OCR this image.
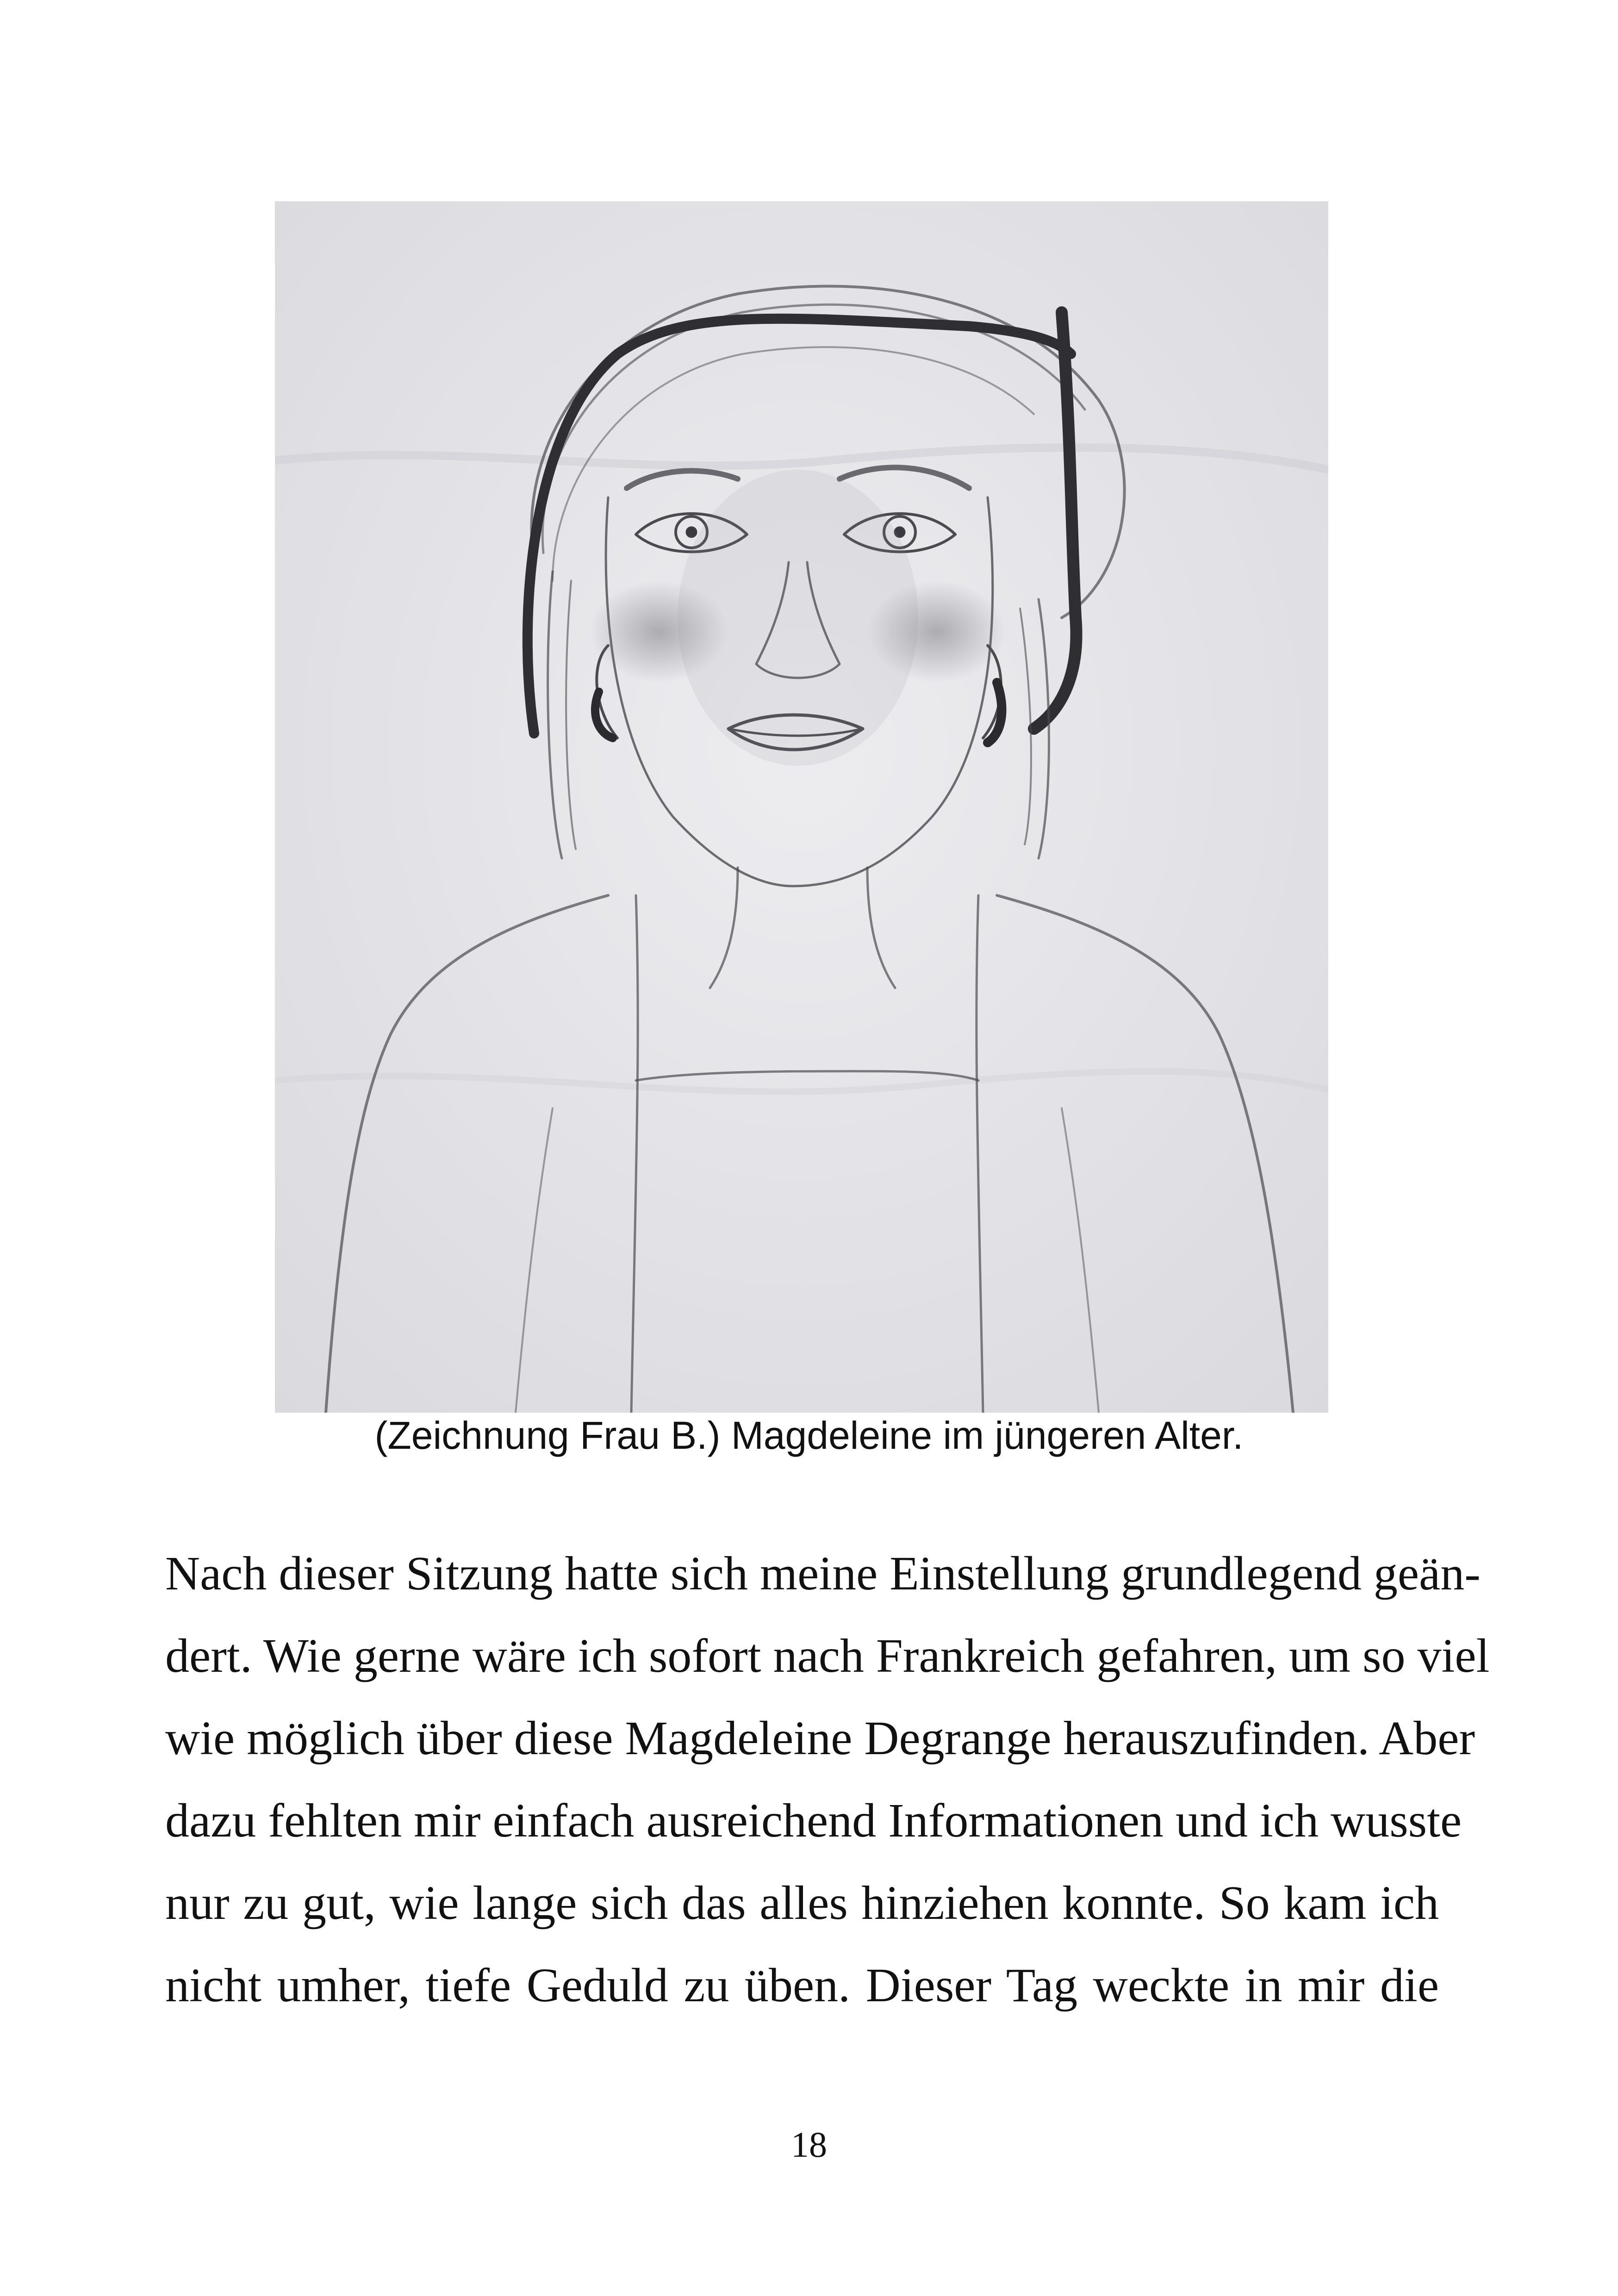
(Zeichnung Frau B.) Magdeleine im jüngeren Alter.
Nach dieser Sitzung hatte sich meine Einstellung grundlegend geän-
dert. Wie gerne wäre ich sofort nach Frankreich gefahren, um so viel
wie möglich über diese Magdeleine Degrange herauszufinden. Aber
dazu fehlten mir einfach ausreichend Informationen und ich wusste
nur zu gut, wie lange sich das alles hinziehen konnte. So kam ich
nicht umher, tiefe Geduld zu üben. Dieser Tag weckte in mir die
18
